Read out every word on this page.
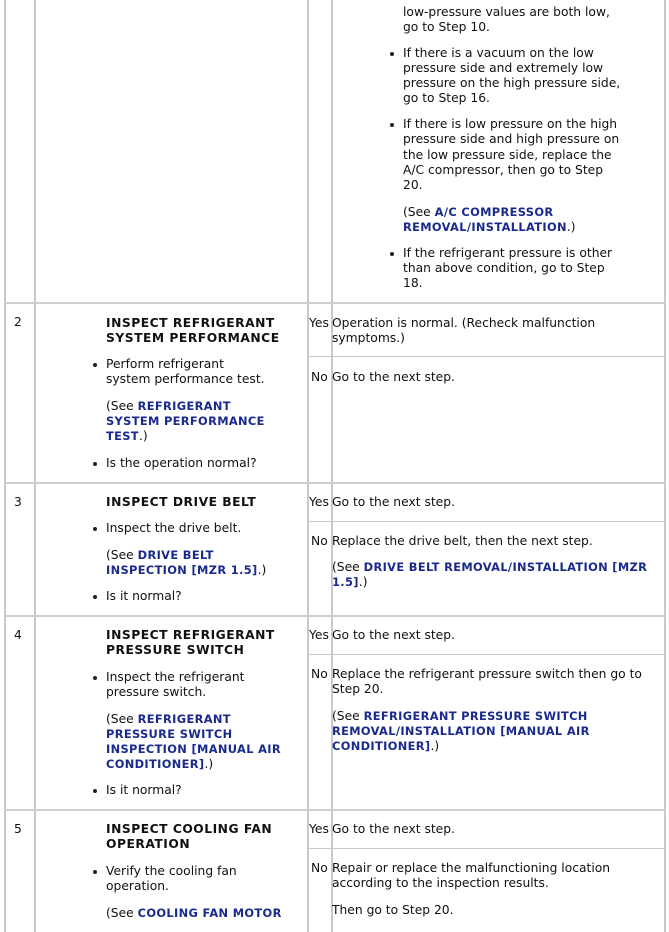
low-pressure values are both low,
go to Step 10.
If there is a vacuum on the low
pressure side and extremely low
pressure on the high pressure side,
go to Step 16.
If there is low pressure on the high
pressure side and high pressure on
the low pressure side, replace the
A/C compressor, then go to Step
20.
(See A/C COMPRESSOR
REMOVAL/INSTALLATION.)
If the refrigerant pressure is other
than above condition, go to Step
18.
2	INSPECT REFRIGERANT
SYSTEM PERFORMANCE
Perform refrigerant
system performance test.
(See REFRIGERANT
SYSTEM PERFORMANCE
TEST.)
Is the operation normal?
Yes Operation is normal. (Recheck malfunction
symptoms.)
No Go to the next step.
3	INSPECT DRIVE BELT
Inspect the drive belt.
(See DRIVE BELT
INSPECTION [MZR 1.5].)
Is it normal?
Yes Go to the next step.
No Replace the drive belt, then the next step.
(See DRIVE BELT REMOVAL/INSTALLATION [MZR
1.5].)
4	INSPECT REFRIGERANT
PRESSURE SWITCH
Inspect the refrigerant
pressure switch.
(See REFRIGERANT
PRESSURE SWITCH
INSPECTION [MANUAL AIR
CONDITIONER].)
Is it normal?
Yes Go to the next step.
No Replace the refrigerant pressure switch then go to
Step 20.
(See REFRIGERANT PRESSURE SWITCH
REMOVAL/INSTALLATION [MANUAL AIR
CONDITIONER].)
5	INSPECT COOLING FAN
OPERATION
Verify the cooling fan
operation.
(See COOLING FAN MOTOR
Yes Go to the next step.
No Repair or replace the malfunctioning location
according to the inspection results.
Then go to Step 20.
